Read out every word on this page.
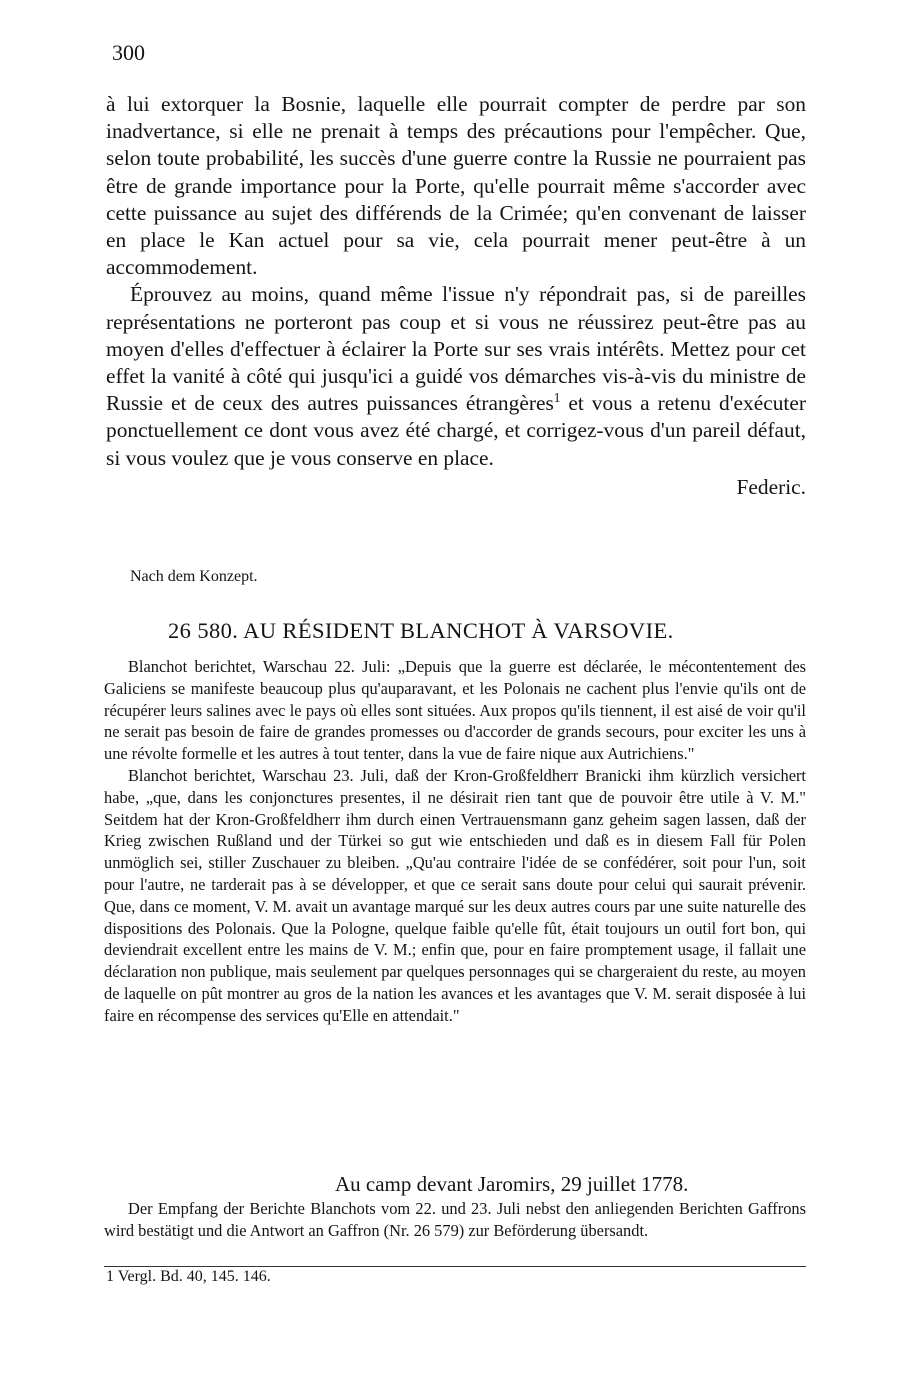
300

à lui extorquer la Bosnie, laquelle elle pourrait compter de perdre par son inadvertance, si elle ne prenait à temps des précautions pour l'empêcher. Que, selon toute probabilité, les succès d'une guerre contre la Russie ne pourraient pas être de grande importance pour la Porte, qu'elle pourrait même s'accorder avec cette puissance au sujet des différends de la Crimée; qu'en convenant de laisser en place le Kan actuel pour sa vie, cela pourrait mener peut-être à un accommodement.

Éprouvez au moins, quand même l'issue n'y répondrait pas, si de pareilles représentations ne porteront pas coup et si vous ne réussirez peut-être pas au moyen d'elles d'effectuer à éclairer la Porte sur ses vrais intérêts. Mettez pour cet effet la vanité à côté qui jusqu'ici a guidé vos démarches vis-à-vis du ministre de Russie et de ceux des autres puissances étrangères$^1$ et vous a retenu d'exécuter ponctuellement ce dont vous avez été chargé, et corrigez-vous d'un pareil défaut, si vous voulez que je vous conserve en place.

Federic.
Nach dem Konzept.
26 580. AU RÉSIDENT BLANCHOT À VARSOVIE.

Blanchot berichtet, Warschau 22. Juli: „Depuis que la guerre est déclarée, le mécontentement des Galiciens se manifeste beaucoup plus qu'auparavant, et les Polonais ne cachent plus l'envie qu'ils ont de récupérer leurs salines avec le pays où elles sont situées. Aux propos qu'ils tiennent, il est aisé de voir qu'il ne serait pas besoin de faire de grandes promesses ou d'accorder de grands secours, pour exciter les uns à une révolte formelle et les autres à tout tenter, dans la vue de faire nique aux Autrichiens."

Blanchot berichtet, Warschau 23. Juli, daß der Kron-Großfeldherr Branicki ihm kürzlich versichert habe, „que, dans les conjonctures presentes, il ne désirait rien tant que de pouvoir être utile à V. M." Seitdem hat der Kron-Großfeldherr ihm durch einen Vertrauensmann ganz geheim sagen lassen, daß der Krieg zwischen Rußland und der Türkei so gut wie entschieden und daß es in diesem Fall für Polen unmöglich sei, stiller Zuschauer zu bleiben. „Qu'au contraire l'idée de se confédérer, soit pour l'un, soit pour l'autre, ne tarderait pas à se développer, et que ce serait sans doute pour celui qui saurait prévenir. Que, dans ce moment, V. M. avait un avantage marqué sur les deux autres cours par une suite naturelle des dispositions des Polonais. Que la Pologne, quelque faible qu'elle fût, était toujours un outil fort bon, qui deviendrait excellent entre les mains de V. M.; enfin que, pour en faire promptement usage, il fallait une déclaration non publique, mais seulement par quelques personnages qui se chargeraient du reste, au moyen de laquelle on pût montrer au gros de la nation les avances et les avantages que V. M. serait disposée à lui faire en récompense des services qu'Elle en attendait."

Au camp devant Jaromirs, 29 juillet 1778.

Der Empfang der Berichte Blanchots vom 22. und 23. Juli nebst den anliegenden Berichten Gaffrons wird bestätigt und die Antwort an Gaffron (Nr. 26 579) zur Beförderung übersandt.

1 Vergl. Bd. 40, 145. 146.
